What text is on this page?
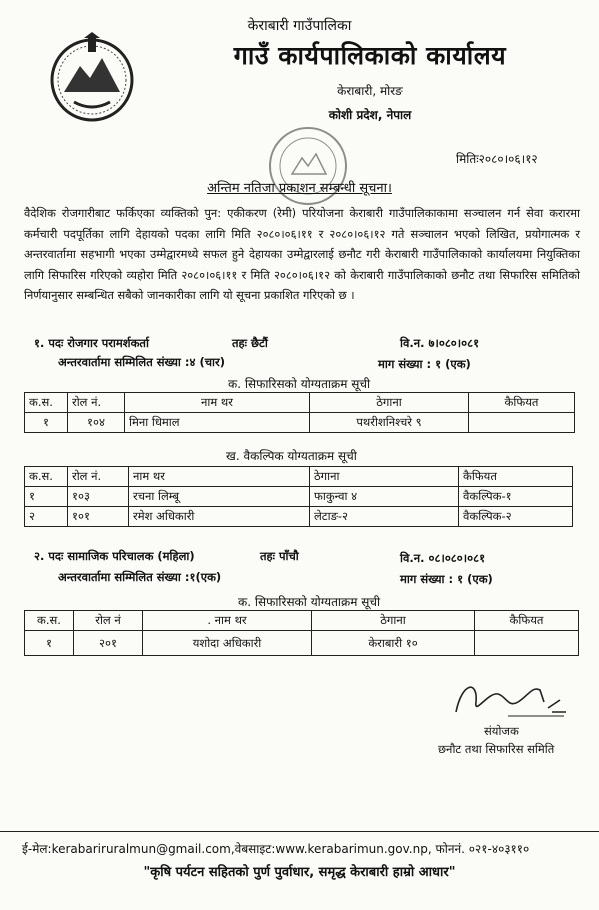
केराबारी गाउँपालिका
गाउँ कार्यपालिकाको कार्यालय
केराबारी, मोरङ
कोशी प्रदेश, नेपाल
मितिः२०८०।०६।१२
अन्तिम नतिजा प्रकाशन सम्बन्धी सूचना।
वैदेशिक रोजगारीबाट फर्किएका व्यक्तिको पुन: एकीकरण (रेमी) परियोजना केराबारी गाउँपालिकाकामा सञ्चालन गर्न सेवा करारमा कर्मचारी पदपूर्तिका लागि देहायको पदका लागि मिति २०८०।०६।११ र २०८०।०६।१२ गते सञ्चालन भएको लिखित, प्रयोगात्मक र अन्तरवार्तामा सहभागी भएका उम्मेद्वारमध्ये सफल हुने देहायका उम्मेद्वारलाई छनौट गरी केराबारी गाउँपालिकाको कार्यालयमा नियुक्तिका लागि सिफारिस गरिएको व्यहोरा मिति २०८०।०६।११ र मिति २०८०।०६।१२ को केराबारी गाउँपालिकाको छनौट तथा सिफारिस समितिको निर्णयानुसार सम्बन्धित सबैको जानकारीका लागि यो सूचना प्रकाशित गरिएको छ ।
१. पदः रोजगार परामर्शकर्ता	तहः छैटौं	वि.न. ७।०८०।०८१
अन्तरवार्तामा सम्मिलित संख्या :४ (चार)	माग संख्या : १ (एक)
क. सिफारिसको योग्यताक्रम सूची
क.स.	रोल नं.	नाम थर	ठेगाना	कैफियत
१	१०४	मिना धिमाल	पथरीशनिश्चरे ९	
ख. वैकल्पिक योग्यताक्रम सूची
क.स.	रोल नं.	नाम थर	ठेगाना	कैफियत
१	१०३	रचना लिम्बू	फाकुन्वा ४	वैकल्पिक-१
२	१०१	रमेश अधिकारी	लेटाङ-२	वैकल्पिक-२
२. पदः सामाजिक परिचालक (महिला)	तहः पाँचौ	वि.न. ०८।०८०।०८१
अन्तरवार्तामा सम्मिलित संख्या :१(एक)	माग संख्या : १ (एक)
क. सिफारिसको योग्यताक्रम सूची
क.स.	रोल नं	. नाम थर	ठेगाना	कैफियत
१	२०१	यशोदा अधिकारी	केराबारी १०	
संयोजक
छनौट तथा सिफारिस समिति
ई-मेल:kerabariruralmun@gmail.com,वेबसाइट:www.kerabarimun.gov.np, फोननं. ०२१-४०३११०
"कृषि पर्यटन सहितको पुर्ण पुर्वाधार, समृद्ध केराबारी हाम्रो आधार"
